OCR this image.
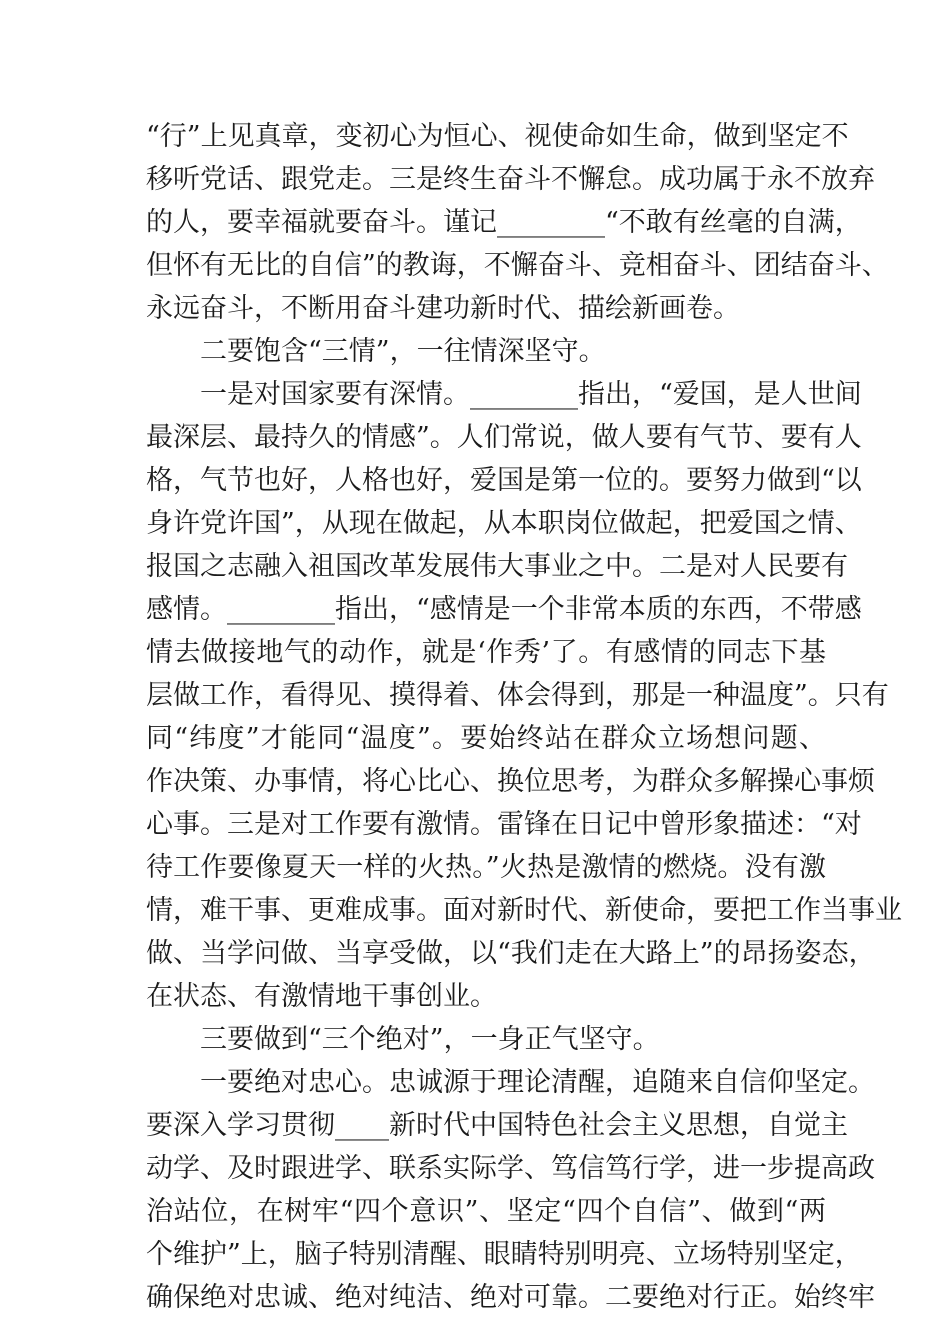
“行”上见真章，变初心为恒心、视使命如生命，做到坚定不
移听党话、跟党走。三是终生奋斗不懈怠。成功属于永不放弃
的人，要幸福就要奋斗。谨记________“不敢有丝毫的自满，
但怀有无比的自信”的教诲，不懈奋斗、竞相奋斗、团结奋斗、
永远奋斗，不断用奋斗建功新时代、描绘新画卷。
二要饱含“三情”，一往情深坚守。
一是对国家要有深情。________指出，“爱国，是人世间
最深层、最持久的情感”。人们常说，做人要有气节、要有人
格，气节也好，人格也好，爱国是第一位的。要努力做到“以
身许党许国”，从现在做起，从本职岗位做起，把爱国之情、
报国之志融入祖国改革发展伟大事业之中。二是对人民要有
感情。________指出，“感情是一个非常本质的东西，不带感
情去做接地气的动作，就是‘作秀’了。有感情的同志下基
层做工作，看得见、摸得着、体会得到，那是一种温度”。只有
同“纬度”才能同“温度”。要始终站在群众立场想问题、
作决策、办事情，将心比心、换位思考，为群众多解操心事烦
心事。三是对工作要有激情。雷锋在日记中曾形象描述：“对
待工作要像夏天一样的火热。”火热是激情的燃烧。没有激
情，难干事、更难成事。面对新时代、新使命，要把工作当事业
做、当学问做、当享受做，以“我们走在大路上”的昂扬姿态，
在状态、有激情地干事创业。
三要做到“三个绝对”，一身正气坚守。
一要绝对忠心。忠诚源于理论清醒，追随来自信仰坚定。
要深入学习贯彻____新时代中国特色社会主义思想，自觉主
动学、及时跟进学、联系实际学、笃信笃行学，进一步提高政
治站位，在树牢“四个意识”、坚定“四个自信”、做到“两
个维护”上，脑子特别清醒、眼睛特别明亮、立场特别坚定，
确保绝对忠诚、绝对纯洁、绝对可靠。二要绝对行正。始终牢
